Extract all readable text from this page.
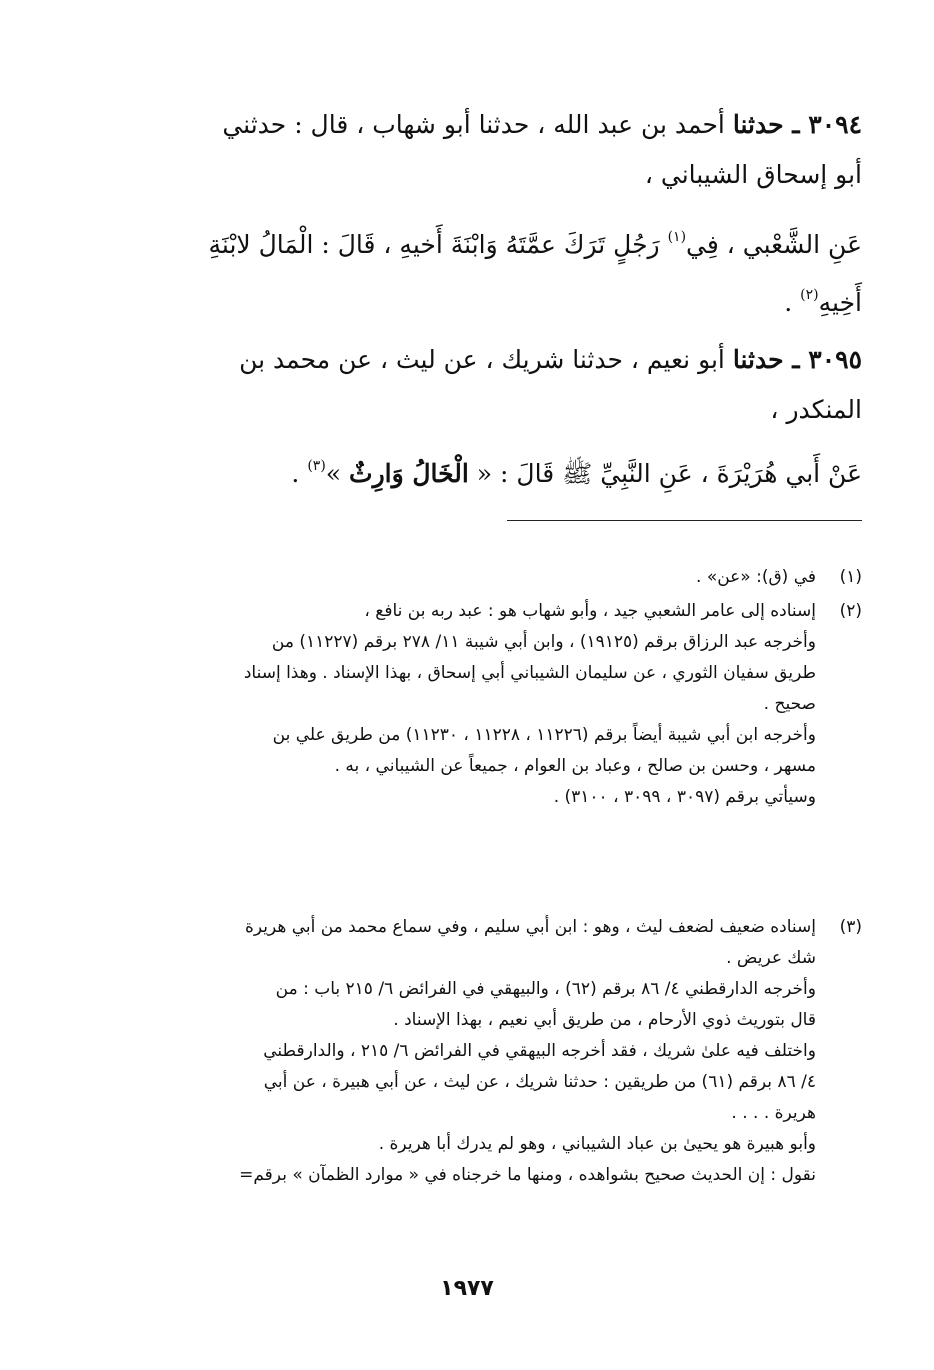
٣٠٩٤ ـ حدثنا أحمد بن عبد الله ، حدثنا أبو شهاب ، قال : حدثني
أبو إسحاق الشيباني ،
عَنِ الشَّعْبي ، فِي$^{(١)}$ رَجُلٍ تَرَكَ عمَّتَهُ وَابْنَةَ أَخيهِ ، قَالَ : الْمَالُ لابْنَةِ
أَخِيهِ$^{(٢)}$ .
٣٠٩٥ ـ حدثنا أبو نعيم ، حدثنا شريك ، عن ليث ، عن محمد بن
المنكدر ،
عَنْ أَبي هُرَيْرَةَ ، عَنِ النَّبِيِّ ﷺ قَالَ : « الْخَالُ وَارِثٌ »$^{(٣)}$ .
(١)
في (ق): «عن» .
(٢)
إسناده إلى عامر الشعبي جيد ، وأبو شهاب هو : عبد ربه بن نافع ،
وأخرجه عبد الرزاق برقم (١٩١٢٥) ، وابن أبي شيبة ١١/ ٢٧٨ برقم (١١٢٢٧) من
طريق سفيان الثوري ، عن سليمان الشيباني أبي إسحاق ، بهذا الإسناد . وهذا إسناد
صحيح .
وأخرجه ابن أبي شيبة أيضاً برقم (١١٢٢٦ ، ١١٢٢٨ ، ١١٢٣٠) من طريق علي بن
مسهر ، وحسن بن صالح ، وعباد بن العوام ، جميعاً عن الشيباني ، به .
وسيأتي برقم (٣٠٩٧ ، ٣٠٩٩ ، ٣١٠٠) .
(٣)
إسناده ضعيف لضعف ليث ، وهو : ابن أبي سليم ، وفي سماع محمد من أبي هريرة
شك عريض .
وأخرجه الدارقطني ٤/ ٨٦ برقم (٦٢) ، والبيهقي في الفرائض ٦/ ٢١٥ باب : من
قال بتوريث ذوي الأرحام ، من طريق أبي نعيم ، بهذا الإسناد .
واختلف فيه علىٰ شريك ، فقد أخرجه البيهقي في الفرائض ٦/ ٢١٥ ، والدارقطني
٤/ ٨٦ برقم (٦١) من طريقين : حدثنا شريك ، عن ليث ، عن أبي هبيرة ، عن أبي
هريرة . . . .
وأبو هبيرة هو يحيىٰ بن عباد الشيباني ، وهو لم يدرك أبا هريرة .
نقول : إن الحديث صحيح بشواهده ، ومنها ما خرجناه في « موارد الظمآن » برقم=
١٩٧٧
